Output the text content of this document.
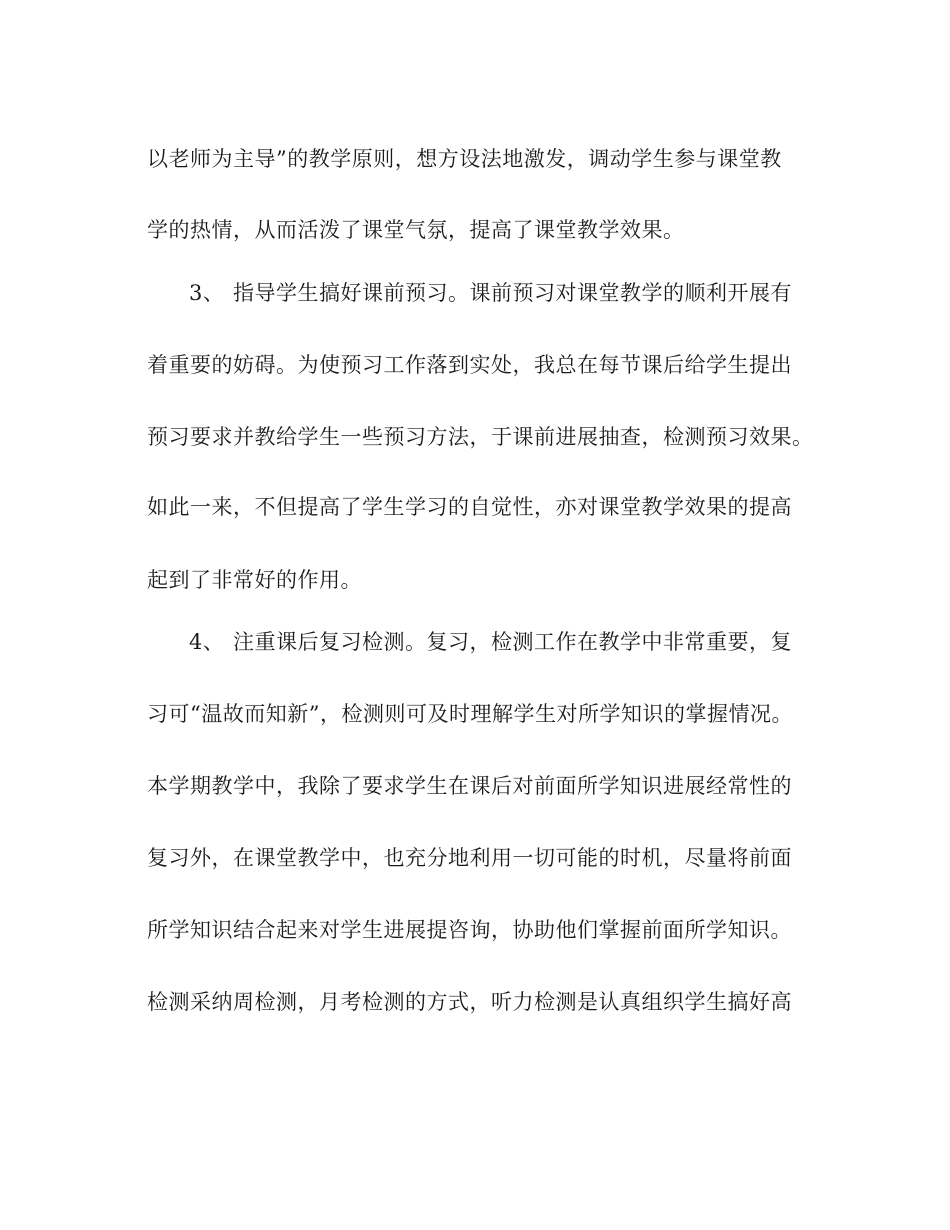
以老师为主导”的教学原则，想方设法地激发，调动学生参与课堂教
学的热情，从而活泼了课堂气氛，提高了课堂教学效果。
3、 指导学生搞好课前预习。课前预习对课堂教学的顺利开展有
着重要的妨碍。为使预习工作落到实处，我总在每节课后给学生提出
预习要求并教给学生一些预习方法，于课前进展抽查，检测预习效果。
如此一来，不但提高了学生学习的自觉性，亦对课堂教学效果的提高
起到了非常好的作用。
4、 注重课后复习检测。复习，检测工作在教学中非常重要，复
习可“温故而知新”，检测则可及时理解学生对所学知识的掌握情况。
本学期教学中，我除了要求学生在课后对前面所学知识进展经常性的
复习外，在课堂教学中，也充分地利用一切可能的时机，尽量将前面
所学知识结合起来对学生进展提咨询，协助他们掌握前面所学知识。
检测采纳周检测，月考检测的方式，听力检测是认真组织学生搞好高
